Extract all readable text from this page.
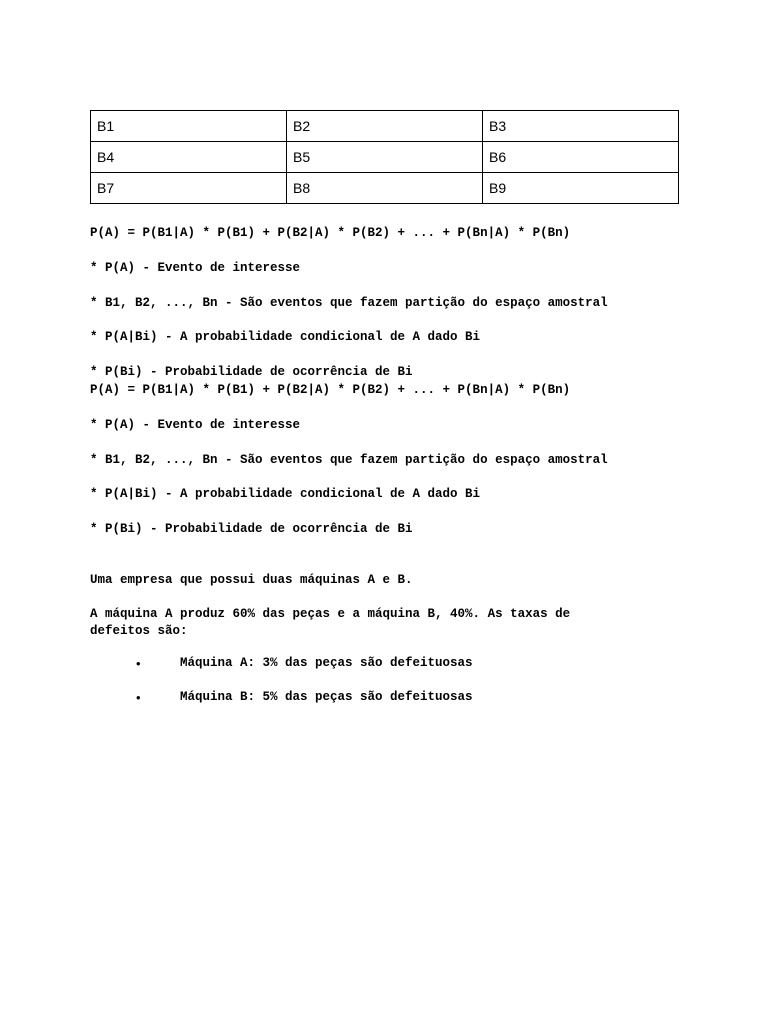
B1	B2	B3
B4	B5	B6
B7	B8	B9

P(A) = P(B1|A) * P(B1) + P(B2|A) * P(B2) + ... + P(Bn|A) * P(Bn)

* P(A) - Evento de interesse

* B1, B2, ..., Bn - São eventos que fazem partição do espaço amostral

* P(A|Bi) - A probabilidade condicional de A dado Bi

* P(Bi) - Probabilidade de ocorrência de Bi

P(A) = P(B1|A) * P(B1) + P(B2|A) * P(B2) + ... + P(Bn|A) * P(Bn)

* P(A) - Evento de interesse

* B1, B2, ..., Bn - São eventos que fazem partição do espaço amostral

* P(A|Bi) - A probabilidade condicional de A dado Bi

* P(Bi) - Probabilidade de ocorrência de Bi

Uma empresa que possui duas máquinas A e B.

A máquina A produz 60% das peças e a máquina B, 40%. As taxas de

defeitos são:

•	Máquina A: 3% das peças são defeituosas
•	Máquina B: 5% das peças são defeituosas
